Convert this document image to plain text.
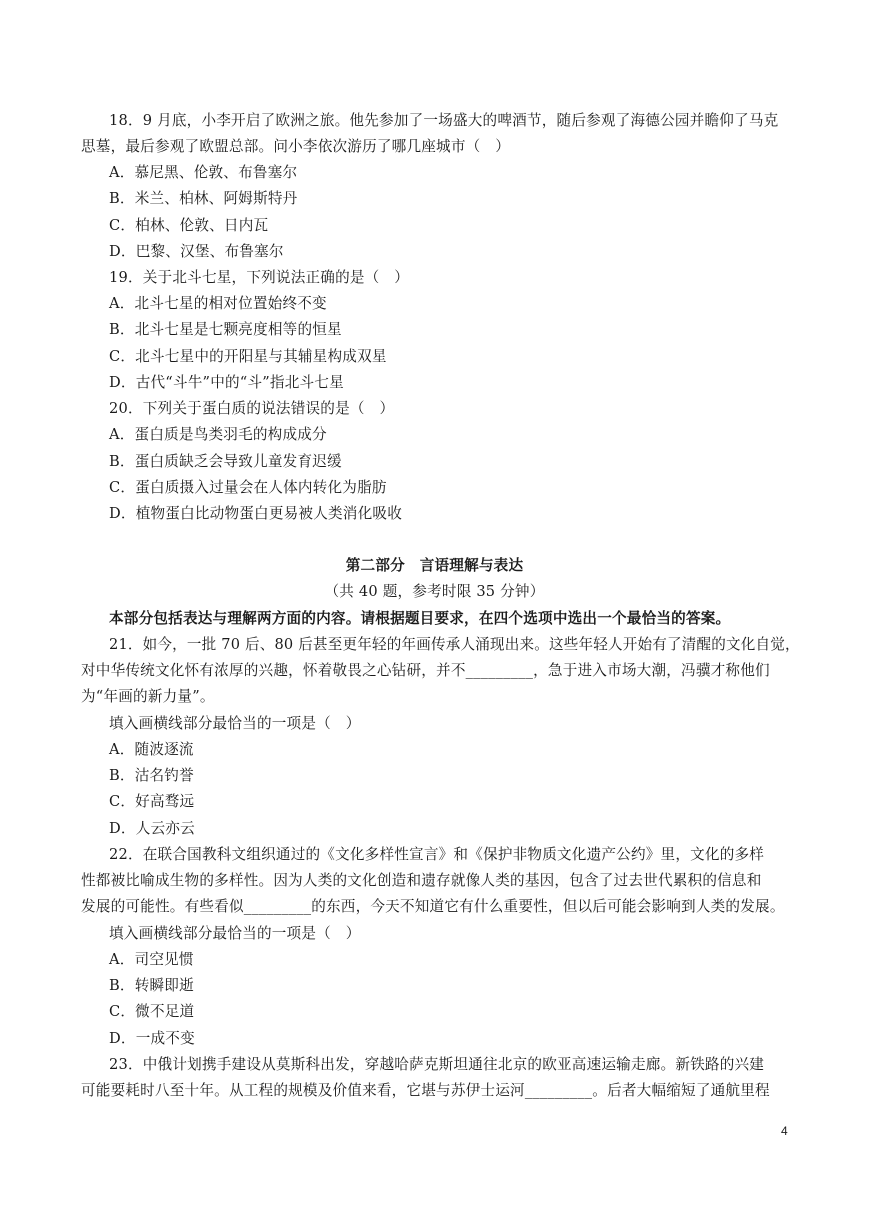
18．9 月底，小李开启了欧洲之旅。他先参加了一场盛大的啤酒节，随后参观了海德公园并瞻仰了马克
思墓，最后参观了欧盟总部。问小李依次游历了哪几座城市（　）
A．慕尼黑、伦敦、布鲁塞尔
B．米兰、柏林、阿姆斯特丹
C．柏林、伦敦、日内瓦
D．巴黎、汉堡、布鲁塞尔
19．关于北斗七星，下列说法正确的是（　）
A．北斗七星的相对位置始终不变
B．北斗七星是七颗亮度相等的恒星
C．北斗七星中的开阳星与其辅星构成双星
D．古代“斗牛”中的“斗”指北斗七星
20．下列关于蛋白质的说法错误的是（　）
A．蛋白质是鸟类羽毛的构成成分
B．蛋白质缺乏会导致儿童发育迟缓
C．蛋白质摄入过量会在人体内转化为脂肪
D．植物蛋白比动物蛋白更易被人类消化吸收
第二部分　言语理解与表达
（共 40 题，参考时限 35 分钟）
本部分包括表达与理解两方面的内容。请根据题目要求，在四个选项中选出一个最恰当的答案。
21．如今，一批 70 后、80 后甚至更年轻的年画传承人涌现出来。这些年轻人开始有了清醒的文化自觉，
对中华传统文化怀有浓厚的兴趣，怀着敬畏之心钻研，并不_________，急于进入市场大潮，冯骥才称他们
为“年画的新力量”。
填入画横线部分最恰当的一项是（　）
A．随波逐流
B．沽名钓誉
C．好高骛远
D．人云亦云
22．在联合国教科文组织通过的《文化多样性宣言》和《保护非物质文化遗产公约》里，文化的多样
性都被比喻成生物的多样性。因为人类的文化创造和遗存就像人类的基因，包含了过去世代累积的信息和
发展的可能性。有些看似_________的东西，今天不知道它有什么重要性，但以后可能会影响到人类的发展。
填入画横线部分最恰当的一项是（　）
A．司空见惯
B．转瞬即逝
C．微不足道
D．一成不变
23．中俄计划携手建设从莫斯科出发，穿越哈萨克斯坦通往北京的欧亚高速运输走廊。新铁路的兴建
可能要耗时八至十年。从工程的规模及价值来看，它堪与苏伊士运河_________。后者大幅缩短了通航里程
4
